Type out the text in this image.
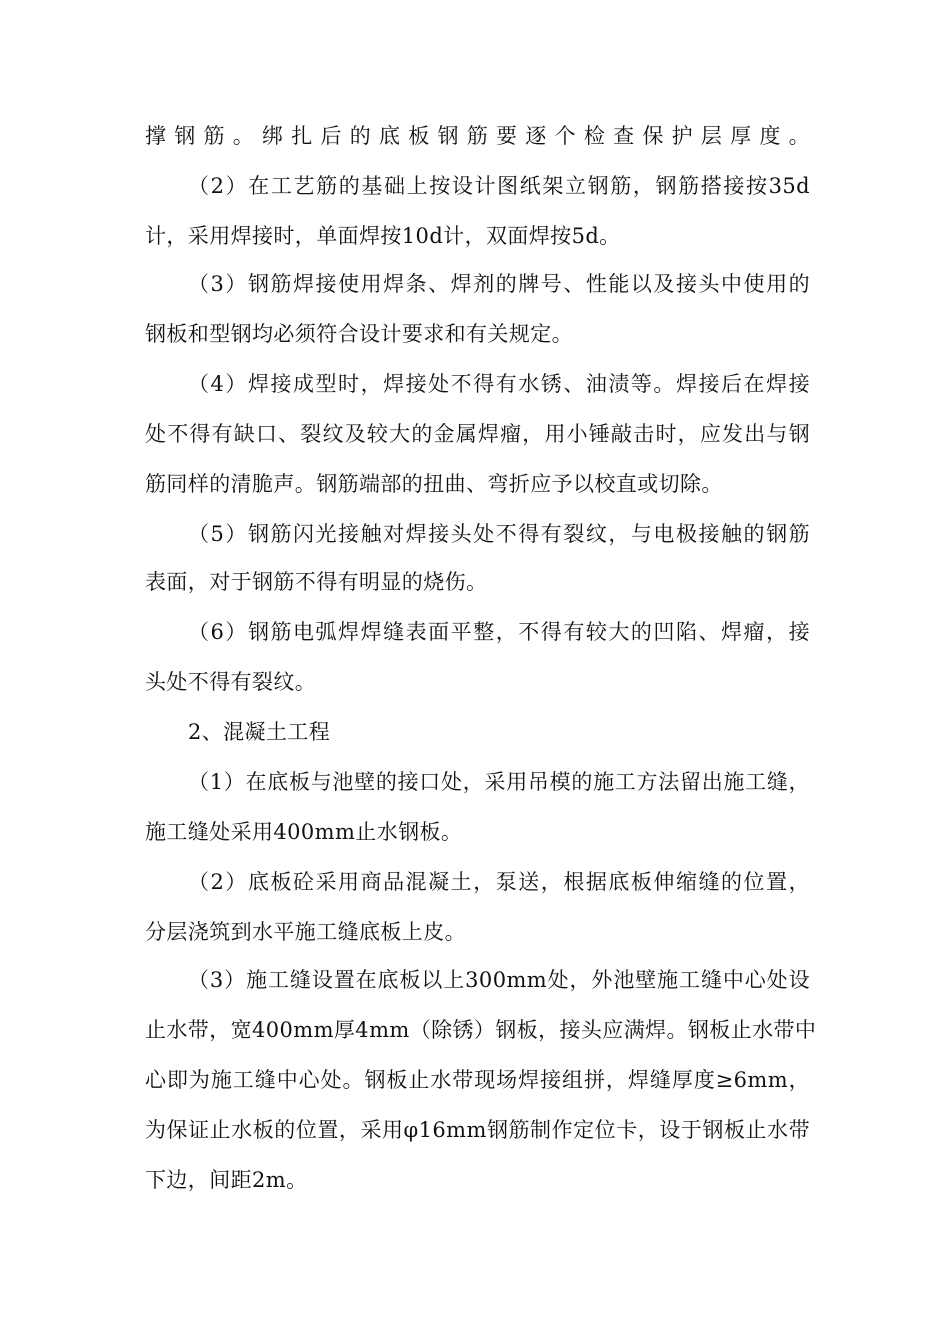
撑钢筋。绑扎后的底板钢筋要逐个检查保护层厚度。
（2）在工艺筋的基础上按设计图纸架立钢筋，钢筋搭接按35d
计，采用焊接时，单面焊按10d计，双面焊按5d。
（3）钢筋焊接使用焊条、焊剂的牌号、性能以及接头中使用的
钢板和型钢均必须符合设计要求和有关规定。
（4）焊接成型时，焊接处不得有水锈、油渍等。焊接后在焊接
处不得有缺口、裂纹及较大的金属焊瘤，用小锤敲击时，应发出与钢
筋同样的清脆声。钢筋端部的扭曲、弯折应予以校直或切除。
（5）钢筋闪光接触对焊接头处不得有裂纹，与电极接触的钢筋
表面，对于钢筋不得有明显的烧伤。
（6）钢筋电弧焊焊缝表面平整，不得有较大的凹陷、焊瘤，接
头处不得有裂纹。
2、混凝土工程
（1）在底板与池壁的接口处，采用吊模的施工方法留出施工缝，
施工缝处采用400mm止水钢板。
（2）底板砼采用商品混凝土，泵送，根据底板伸缩缝的位置，
分层浇筑到水平施工缝底板上皮。
（3）施工缝设置在底板以上300mm处，外池壁施工缝中心处设
止水带，宽400mm厚4mm（除锈）钢板，接头应满焊。钢板止水带中
心即为施工缝中心处。钢板止水带现场焊接组拼，焊缝厚度≥6mm，
为保证止水板的位置，采用φ16mm钢筋制作定位卡，设于钢板止水带
下边，间距2m。
